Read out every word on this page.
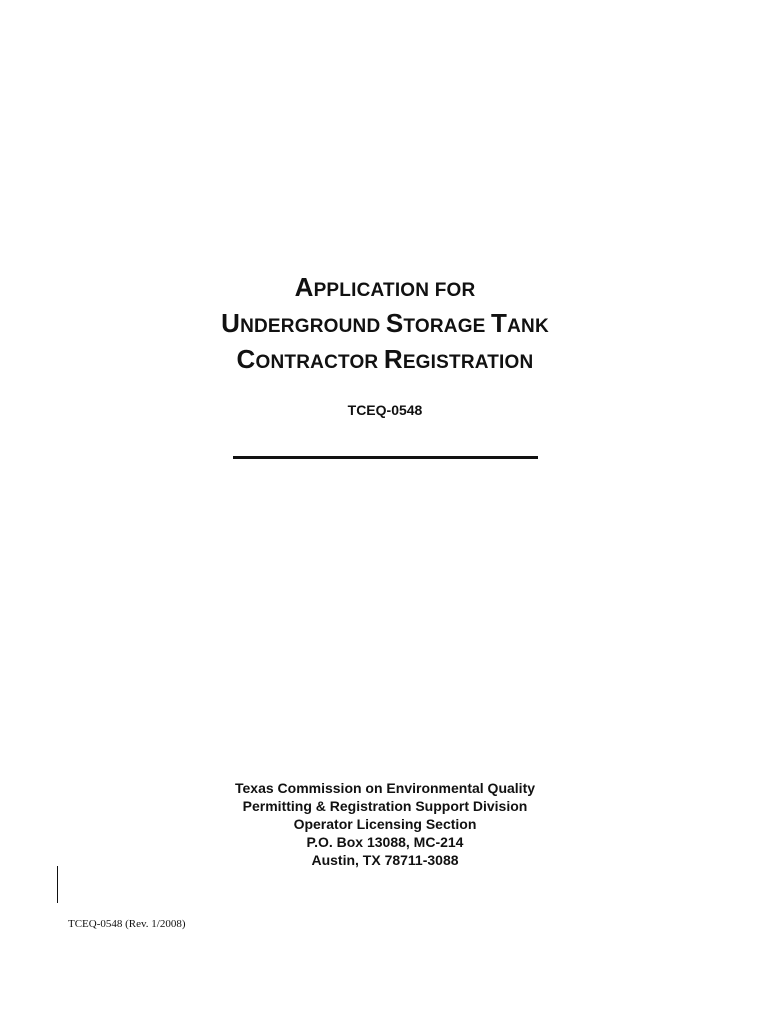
APPLICATION FOR
UNDERGROUND STORAGE TANK
CONTRACTOR REGISTRATION
TCEQ-0548
Texas Commission on Environmental Quality
Permitting & Registration Support Division
Operator Licensing Section
P.O. Box 13088, MC-214
Austin, TX 78711-3088
TCEQ-0548 (Rev. 1/2008)
